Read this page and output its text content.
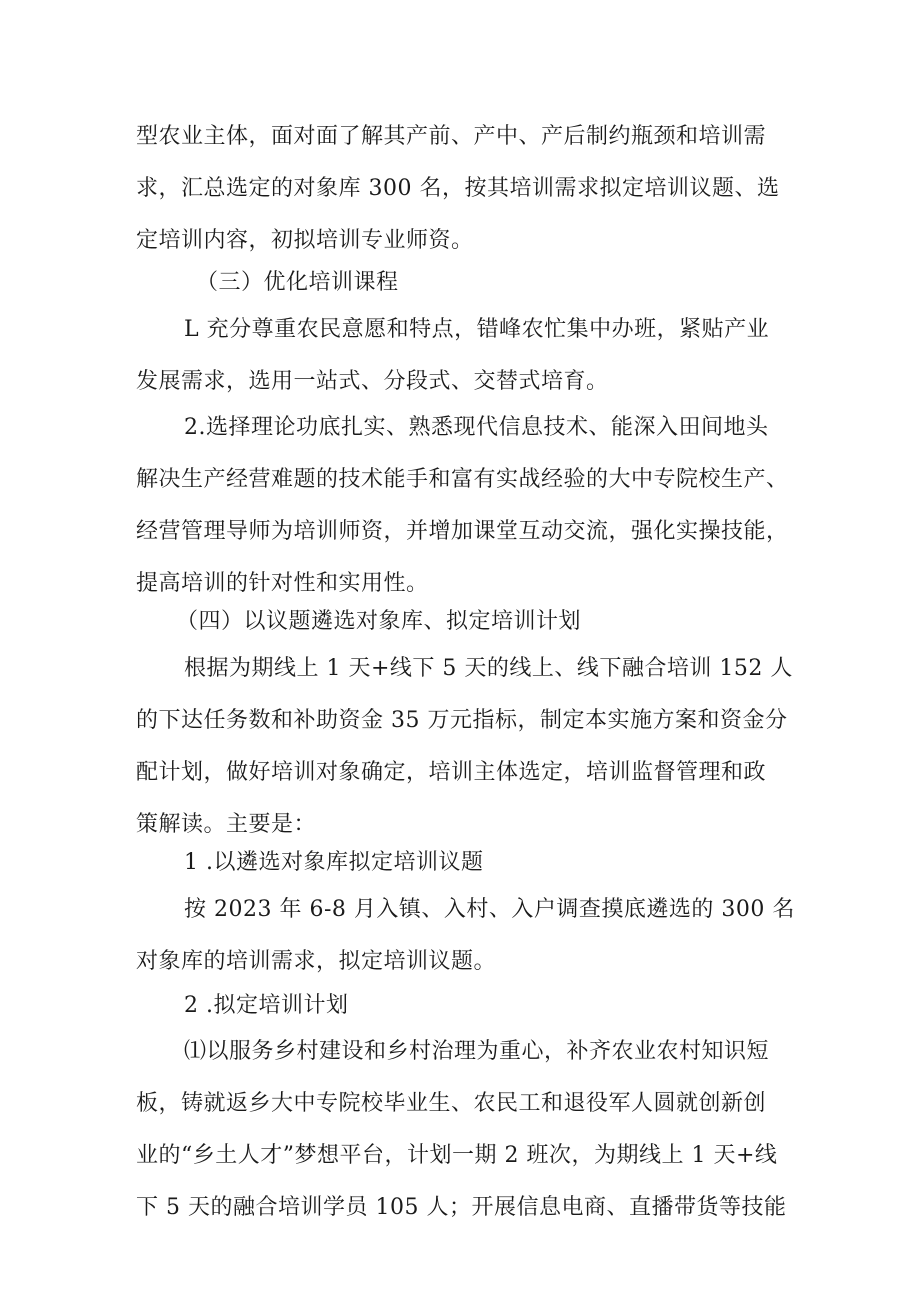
型农业主体，面对面了解其产前、产中、产后制约瓶颈和培训需
求，汇总选定的对象库 300 名，按其培训需求拟定培训议题、选
定培训内容，初拟培训专业师资。
（三）优化培训课程
L 充分尊重农民意愿和特点，错峰农忙集中办班，紧贴产业
发展需求，选用一站式、分段式、交替式培育。
2.选择理论功底扎实、熟悉现代信息技术、能深入田间地头
解决生产经营难题的技术能手和富有实战经验的大中专院校生产、
经营管理导师为培训师资，并增加课堂互动交流，强化实操技能，
提高培训的针对性和实用性。
（四）以议题遴选对象库、拟定培训计划
根据为期线上 1 天+线下 5 天的线上、线下融合培训 152 人
的下达任务数和补助资金 35 万元指标，制定本实施方案和资金分
配计划，做好培训对象确定，培训主体选定，培训监督管理和政
策解读。主要是：
1 .以遴选对象库拟定培训议题
按 2023 年 6-8 月入镇、入村、入户调查摸底遴选的 300 名
对象库的培训需求，拟定培训议题。
2 .拟定培训计划
⑴以服务乡村建设和乡村治理为重心，补齐农业农村知识短
板，铸就返乡大中专院校毕业生、农民工和退役军人圆就创新创
业的“乡土人才”梦想平台，计划一期 2 班次，为期线上 1 天+线
下 5 天的融合培训学员 105 人；开展信息电商、直播带货等技能
